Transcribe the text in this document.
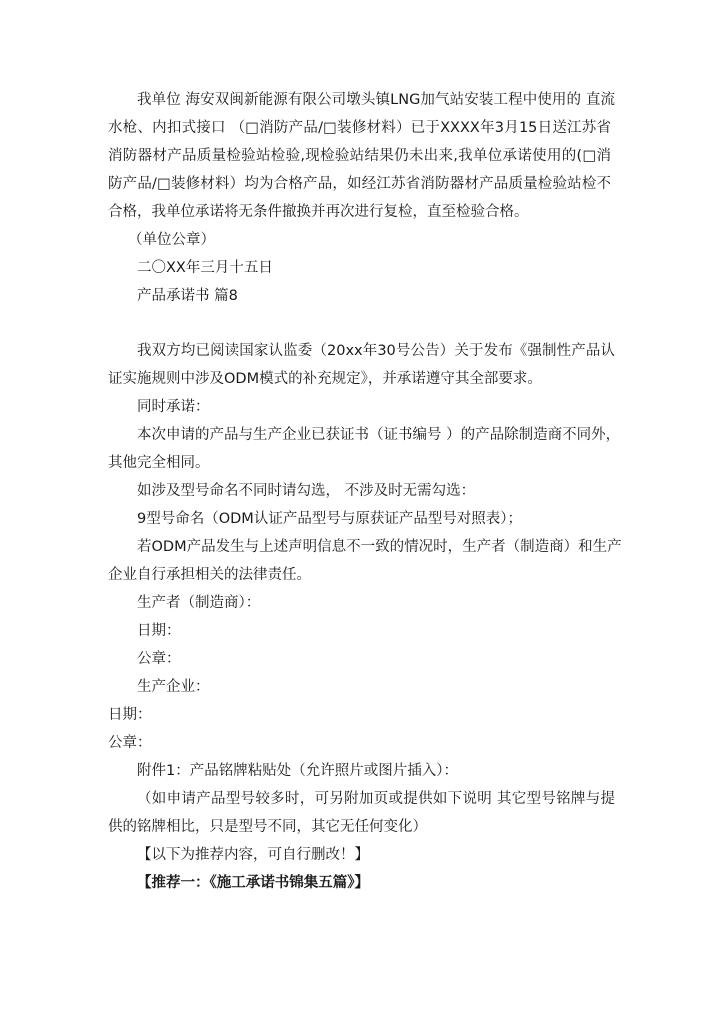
我单位 海安双闽新能源有限公司墩头镇LNG加气站安装工程中使用的 直流
水枪、内扣式接口 （□消防产品/□装修材料）已于XXXX年3月15日送江苏省
消防器材产品质量检验站检验,现检验站结果仍未出来,我单位承诺使用的(□消
防产品/□装修材料）均为合格产品，如经江苏省消防器材产品质量检验站检不
合格，我单位承诺将无条件撤换并再次进行复检，直至检验合格。
（单位公章）
二〇XX年三月十五日
产品承诺书 篇8
我双方均已阅读国家认监委（20xx年30号公告）关于发布《强制性产品认
证实施规则中涉及ODM模式的补充规定》，并承诺遵守其全部要求。
同时承诺：
本次申请的产品与生产企业已获证书（证书编号 ）的产品除制造商不同外，
其他完全相同。
如涉及型号命名不同时请勾选， 不涉及时无需勾选：
9型号命名（ODM认证产品型号与原获证产品型号对照表）；
若ODM产品发生与上述声明信息不一致的情况时，生产者（制造商）和生产
企业自行承担相关的法律责任。
生产者（制造商）：
日期：
公章：
生产企业：
日期：
公章：
附件1：产品铭牌粘贴处（允许照片或图片插入）：
（如申请产品型号较多时，可另附加页或提供如下说明 其它型号铭牌与提
供的铭牌相比，只是型号不同，其它无任何变化）
【以下为推荐内容，可自行删改！】
【推荐一：《施工承诺书锦集五篇》】
